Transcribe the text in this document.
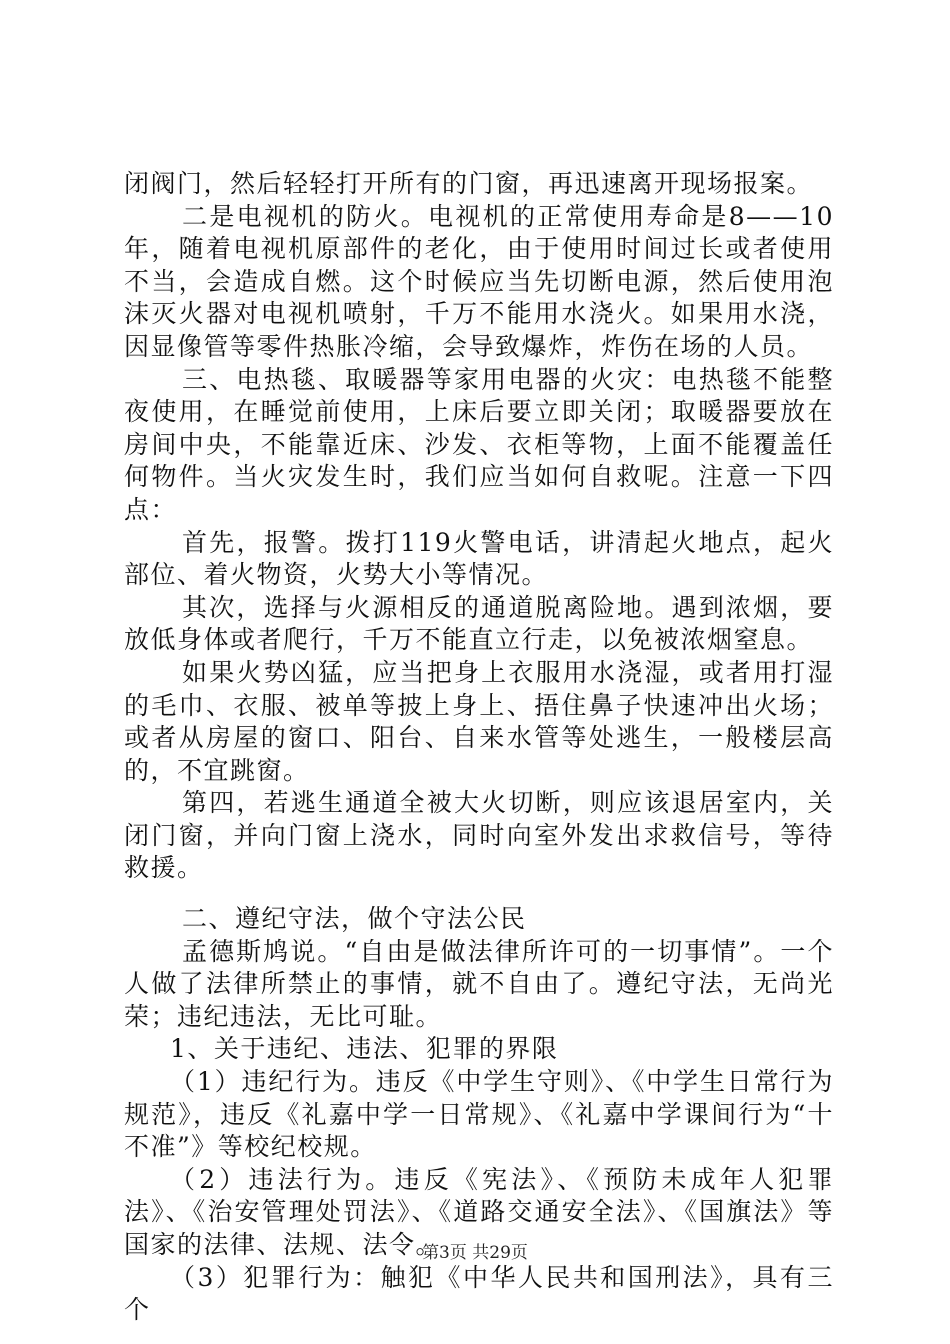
闭阀门，然后轻轻打开所有的门窗，再迅速离开现场报案。

二是电视机的防火。电视机的正常使用寿命是8——10年，随着电视机原部件的老化，由于使用时间过长或者使用不当，会造成自燃。这个时候应当先切断电源，然后使用泡沫灭火器对电视机喷射，千万不能用水浇火。如果用水浇，因显像管等零件热胀冷缩，会导致爆炸，炸伤在场的人员。

三、电热毯、取暖器等家用电器的火灾：电热毯不能整夜使用，在睡觉前使用，上床后要立即关闭；取暖器要放在房间中央，不能靠近床、沙发、衣柜等物，上面不能覆盖任何物件。当火灾发生时，我们应当如何自救呢。注意一下四点：

首先，报警。拨打119火警电话，讲清起火地点，起火部位、着火物资，火势大小等情况。

其次，选择与火源相反的通道脱离险地。遇到浓烟，要放低身体或者爬行，千万不能直立行走，以免被浓烟窒息。

如果火势凶猛，应当把身上衣服用水浇湿，或者用打湿的毛巾、衣服、被单等披上身上、捂住鼻子快速冲出火场；或者从房屋的窗口、阳台、自来水管等处逃生，一般楼层高的，不宜跳窗。

第四，若逃生通道全被大火切断，则应该退居室内，关闭门窗，并向门窗上浇水，同时向室外发出求救信号，等待救援。

二、遵纪守法，做个守法公民

孟德斯鸠说。“自由是做法律所许可的一切事情”。一个人做了法律所禁止的事情，就不自由了。遵纪守法，无尚光荣；违纪违法，无比可耻。

1、关于违纪、违法、犯罪的界限

（1）违纪行为。违反《中学生守则》、《中学生日常行为规范》，违反《礼嘉中学一日常规》、《礼嘉中学课间行为“十不准”》等校纪校规。

（2）违法行为。违反《宪法》、《预防未成年人犯罪法》、《治安管理处罚法》、《道路交通安全法》、《国旗法》等国家的法律、法规、法令。

（3）犯罪行为：触犯《中华人民共和国刑法》，具有三个

第3页 共29页
